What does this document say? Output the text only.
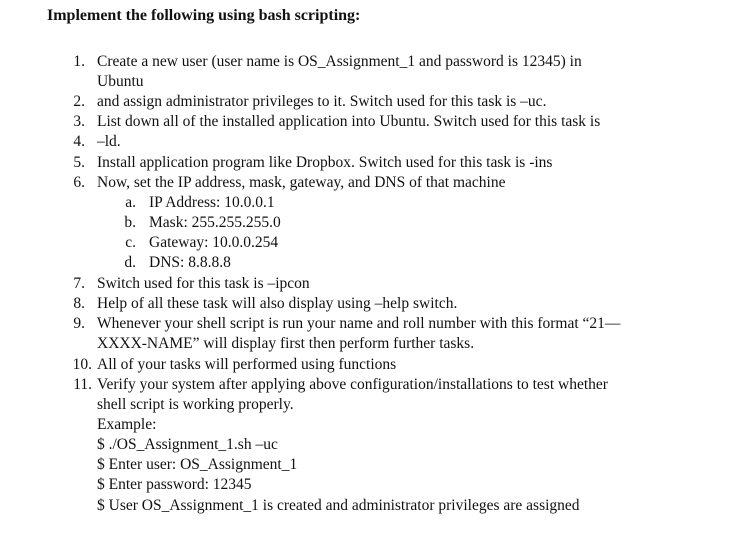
Implement the following using bash scripting:
1. Create a new user (user name is OS_Assignment_1 and password is 12345) in
Ubuntu
2. and assign administrator privileges to it. Switch used for this task is –uc.
3. List down all of the installed application into Ubuntu. Switch used for this task is
4. –ld.
5. Install application program like Dropbox. Switch used for this task is -ins
6. Now, set the IP address, mask, gateway, and DNS of that machine
a. IP Address: 10.0.0.1
b. Mask: 255.255.255.0
c. Gateway: 10.0.0.254
d. DNS: 8.8.8.8
7. Switch used for this task is –ipcon
8. Help of all these task will also display using –help switch.
9. Whenever your shell script is run your name and roll number with this format “21—
XXXX-NAME” will display first then perform further tasks.
10. All of your tasks will performed using functions
11. Verify your system after applying above configuration/installations to test whether
shell script is working properly.
Example:
$ ./OS_Assignment_1.sh –uc
$ Enter user: OS_Assignment_1
$ Enter password: 12345
$ User OS_Assignment_1 is created and administrator privileges are assigned
